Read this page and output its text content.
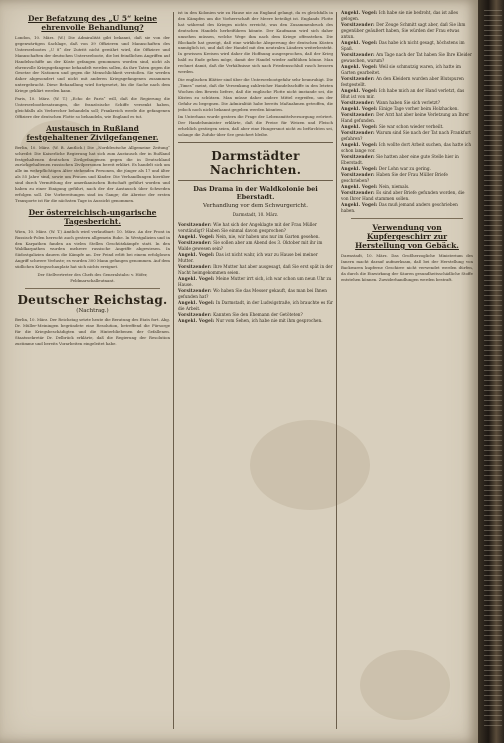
Der Befatzung des „U 5“ keine ehrenvolle Behandlung?

London, 10. März. (W.) Die Admiralität gibt bekannt, daß sie von der gegenwärtigen Sachlage, daß von 39 Offizieren und Mannschaften des Unterseebootes „U 8“ der Zutritt nicht gewährt wird, die Offiziere und Mannschaften der deutschen Unterseeboote, die bei feindlichen Angriffen auf Handelsschiffe an der Küste gefangen genommen worden sind, nicht als ehrenvolle Kriegsgefangene behandelt werden sollen, da ihre Taten gegen die Gesetze der Nationen und gegen die Menschlichkeit verstoßen. Sie werden daher abgesondert und nicht mit anderen Kriegsgefangenen zusammen untergebracht. Diese Behandlung wird fortgesetzt, bis die Sache nach dem Kriege geklärt werden kann.

Paris, 10. März. (W. T.) „Echo de Paris“ will, daß die Regierung die Unterseebootbesatzungen, die französische Schiffe versenkt haben, gleichfalls als Verbrecher behandeln soll; Frankreich werde die gefangenen Offiziere der deutschen Flotte so behandeln, wie England es tut.

Austausch in Rußland festgehaltener Zivilgefangener.

Berlin, 10. März. (W. B. Amtlich.) Die „Norddeutsche Allgemeine Zeitung“ schreibt: Die Kaiserliche Regierung hat sich zum Austausch der in Rußland festgehaltenen deutschen Zivilgefangenen gegen die in Deutschland zurückgehaltenen russischen Zivilpersonen bereit erklärt. Es handelt sich um alle im wehrpflichtigen Alter stehenden Personen, die jünger als 17 und älter als 55 Jahre sind, sowie um Frauen und Kinder. Die Verhandlungen hierüber sind durch Vermittlung der amerikanischen Botschaft geführt worden und haben zu einer Einigung geführt, nach der der Austausch über Schweden erfolgen soll. Die Vorbereitungen sind im Gange; die Abreise der ersten Transporte ist für die nächsten Tage in Aussicht genommen.

Der österreichisch-ungarische Tagesbericht.

Wien, 10. März. (W. T.) Amtlich wird verlautbart: 10. März. An der Front in Russisch-Polen herrscht auch gestern allgemein Ruhe. In Westgalizien und in den Karpathen fanden an vielen Stellen Geschützkämpfe statt. In den Waldkarpathen wurden mehrere russische Angriffe abgewiesen. In Südostgalizien dauern die Kämpfe an. Der Feind erlitt bei einem erfolglosen Angriff schwere Verluste; es wurden 300 Mann gefangen genommen. Auf dem südlichen Kriegsschauplatz hat sich nichts ereignet.

Der Stellvertreter des Chefs des Generalstabs: v. Höfer, Feldmarschalleutnant.

Deutscher Reichstag.
(Nachtrag.)

Berlin, 10. März. Der Reichstag setzte heute die Beratung des Etats fort. Abg. Dr. Müller-Meiningen begründete eine Resolution, betreffend die Fürsorge für die Kriegsbeschädigten und die Hinterbliebenen der Gefallenen. Staatssekretär Dr. Delbrück erklärte, daß die Regierung der Resolution zustimme und bereits Vorarbeiten eingeleitet habe.

ist in den Kolonien wie zu Hause nie an England gelangt, da es gleichfalls in den Kämpfen um die Vorherrschaft der Meere beteiligt ist. Englands Flotte hat während des Krieges nichts erreicht, was den Zusammenbruch des deutschen Handels herbeiführen könnte. Der Kaufmann wird sich daher umsehen müssen, welche Wege ihm nach dem Kriege offenstehen. Die Blockade hat gezeigt, daß eine wirkliche Absperrung der deutschen Küsten unmöglich ist, und daß der Handel mit den neutralen Ländern weiterbesteht. In gewissen Kreisen wird daher die Hoffnung ausgesprochen, daß der Krieg bald zu Ende gehen möge, damit der Handel wieder aufblühen könne. Man rechnet damit, daß die Verhältnisse sich nach Friedensschluß rasch bessern werden.

Die englischen Blätter sind über die Unterseebootgefahr sehr beunruhigt. Die „Times“ meint, daß die Versenkung zahlreicher Handelsschiffe in den letzten Wochen den Beweis liefere, daß die englische Flotte nicht imstande sei, die Küsten zu schützen. Man müsse daher andere Mittel ergreifen, um der Gefahr zu begegnen. Die Admiralität habe bereits Maßnahmen getroffen, die jedoch noch nicht bekannt gegeben werden könnten.

Im Unterhaus wurde gestern die Frage der Lebensmittelversorgung erörtert. Der Handelsminister erklärte, daß die Preise für Weizen und Fleisch erheblich gestiegen seien, daß aber eine Hungersnot nicht zu befürchten sei, solange die Zufuhr über See gesichert bleibe.

Darmstädter Nachrichten.
Das Drama in der Waldkolonie bei Eberstadt.
Verhandlung vor dem Schwurgericht.
Darmstadt, 10. März.

Vorsitzender: Wie hat sich der Angeklagte mit der Frau Müller verständigt? Haben Sie einmal davon gesprochen?

Angekl. Vogel: Nein, nie, wir haben uns nur im Garten gesehen.

Vorsitzender: Sie sollen aber am Abend des 3. Oktober mit ihr im Walde gewesen sein?

Angekl. Vogel: Das ist nicht wahr, ich war zu Hause bei meiner Mutter.

Vorsitzender: Ihre Mutter hat aber ausgesagt, daß Sie erst spät in der Nacht heimgekommen seien.

Angekl. Vogel: Meine Mutter irrt sich, ich war schon um neun Uhr zu Hause.

Vorsitzender: Wo haben Sie das Messer gekauft, das man bei Ihnen gefunden hat?

Angekl. Vogel: In Darmstadt, in der Ludwigstraße, ich brauchte es für die Arbeit.

Vorsitzender: Kannten Sie den Ehemann der Getöteten?

Angekl. Vogel: Nur vom Sehen, ich habe nie mit ihm gesprochen.

Angekl. Vogel: Ich habe sie nie bedroht, das ist alles gelogen.

Vorsitzender: Der Zeuge Schmitt sagt aber, daß Sie ihm gegenüber geäußert haben, Sie würden der Frau etwas antun.

Angekl. Vogel: Das habe ich nicht gesagt, höchstens im Spaß.

Vorsitzender: Am Tage nach der Tat haben Sie Ihre Kleider gewaschen, warum?

Angekl. Vogel: Weil sie schmutzig waren, ich hatte im Garten gearbeitet.

Vorsitzender: An den Kleidern wurden aber Blutspuren festgestellt.

Angekl. Vogel: Ich habe mich an der Hand verletzt, das Blut ist von mir.

Vorsitzender: Wann haben Sie sich verletzt?

Angekl. Vogel: Einige Tage vorher beim Holzhacken.

Vorsitzender: Der Arzt hat aber keine Verletzung an Ihrer Hand gefunden.

Angekl. Vogel: Sie war schon wieder verheilt.

Vorsitzender: Warum sind Sie nach der Tat nach Frankfurt gefahren?

Angekl. Vogel: Ich wollte dort Arbeit suchen, das hatte ich schon lange vor.

Vorsitzender: Sie hatten aber eine gute Stelle hier in Eberstadt.

Angekl. Vogel: Der Lohn war zu gering.

Vorsitzender: Haben Sie der Frau Müller Briefe geschrieben?

Angekl. Vogel: Nein, niemals.

Vorsitzender: Es sind aber Briefe gefunden worden, die von Ihrer Hand stammen sollen.

Angekl. Vogel: Das muß jemand anders geschrieben haben.

Verwendung von Kupfergeschirr zur Herstellung von Gebäck.

Darmstadt, 10. März. Das Großherzogliche Ministerium des Innern macht darauf aufmerksam, daß bei der Herstellung von Backwaren kupferne Geschirre nicht verwendet werden dürfen, da durch die Einwirkung der Säuren gesundheitsschädliche Stoffe entstehen können. Zuwiderhandlungen werden bestraft.
